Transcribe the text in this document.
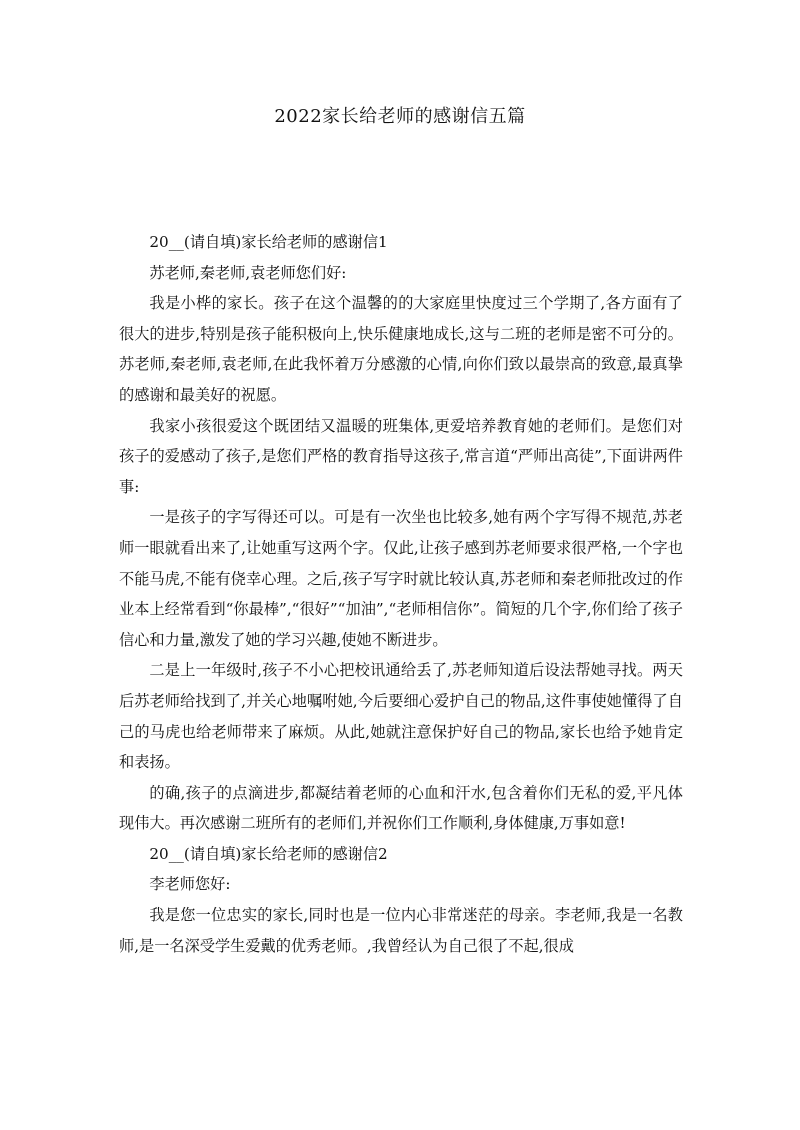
2022家长给老师的感谢信五篇

20__(请自填)家长给老师的感谢信1

苏老师,秦老师,袁老师您们好:

我是小桦的家长。孩子在这个温馨的的大家庭里快度过三个学期了,各方面有了很大的进步,特别是孩子能积极向上,快乐健康地成长,这与二班的老师是密不可分的。苏老师,秦老师,袁老师,在此我怀着万分感激的心情,向你们致以最崇高的致意,最真挚的感谢和最美好的祝愿。

我家小孩很爱这个既团结又温暖的班集体,更爱培养教育她的老师们。是您们对孩子的爱感动了孩子,是您们严格的教育指导这孩子,常言道“严师出高徒”,下面讲两件事:

一是孩子的字写得还可以。可是有一次坐也比较多,她有两个字写得不规范,苏老师一眼就看出来了,让她重写这两个字。仅此,让孩子感到苏老师要求很严格,一个字也不能马虎,不能有侥幸心理。之后,孩子写字时就比较认真,苏老师和秦老师批改过的作业本上经常看到“你最棒”,“很好”“加油”,“老师相信你”。简短的几个字,你们给了孩子信心和力量,激发了她的学习兴趣,使她不断进步。

二是上一年级时,孩子不小心把校讯通给丢了,苏老师知道后设法帮她寻找。两天后苏老师给找到了,并关心地嘱咐她,今后要细心爱护自己的物品,这件事使她懂得了自己的马虎也给老师带来了麻烦。从此,她就注意保护好自己的物品,家长也给予她肯定和表扬。

的确,孩子的点滴进步,都凝结着老师的心血和汗水,包含着你们无私的爱,平凡体现伟大。再次感谢二班所有的老师们,并祝你们工作顺利,身体健康,万事如意!

20__(请自填)家长给老师的感谢信2

李老师您好:

我是您一位忠实的家长,同时也是一位内心非常迷茫的母亲。李老师,我是一名教师,是一名深受学生爱戴的优秀老师。,我曾经认为自己很了不起,很成
